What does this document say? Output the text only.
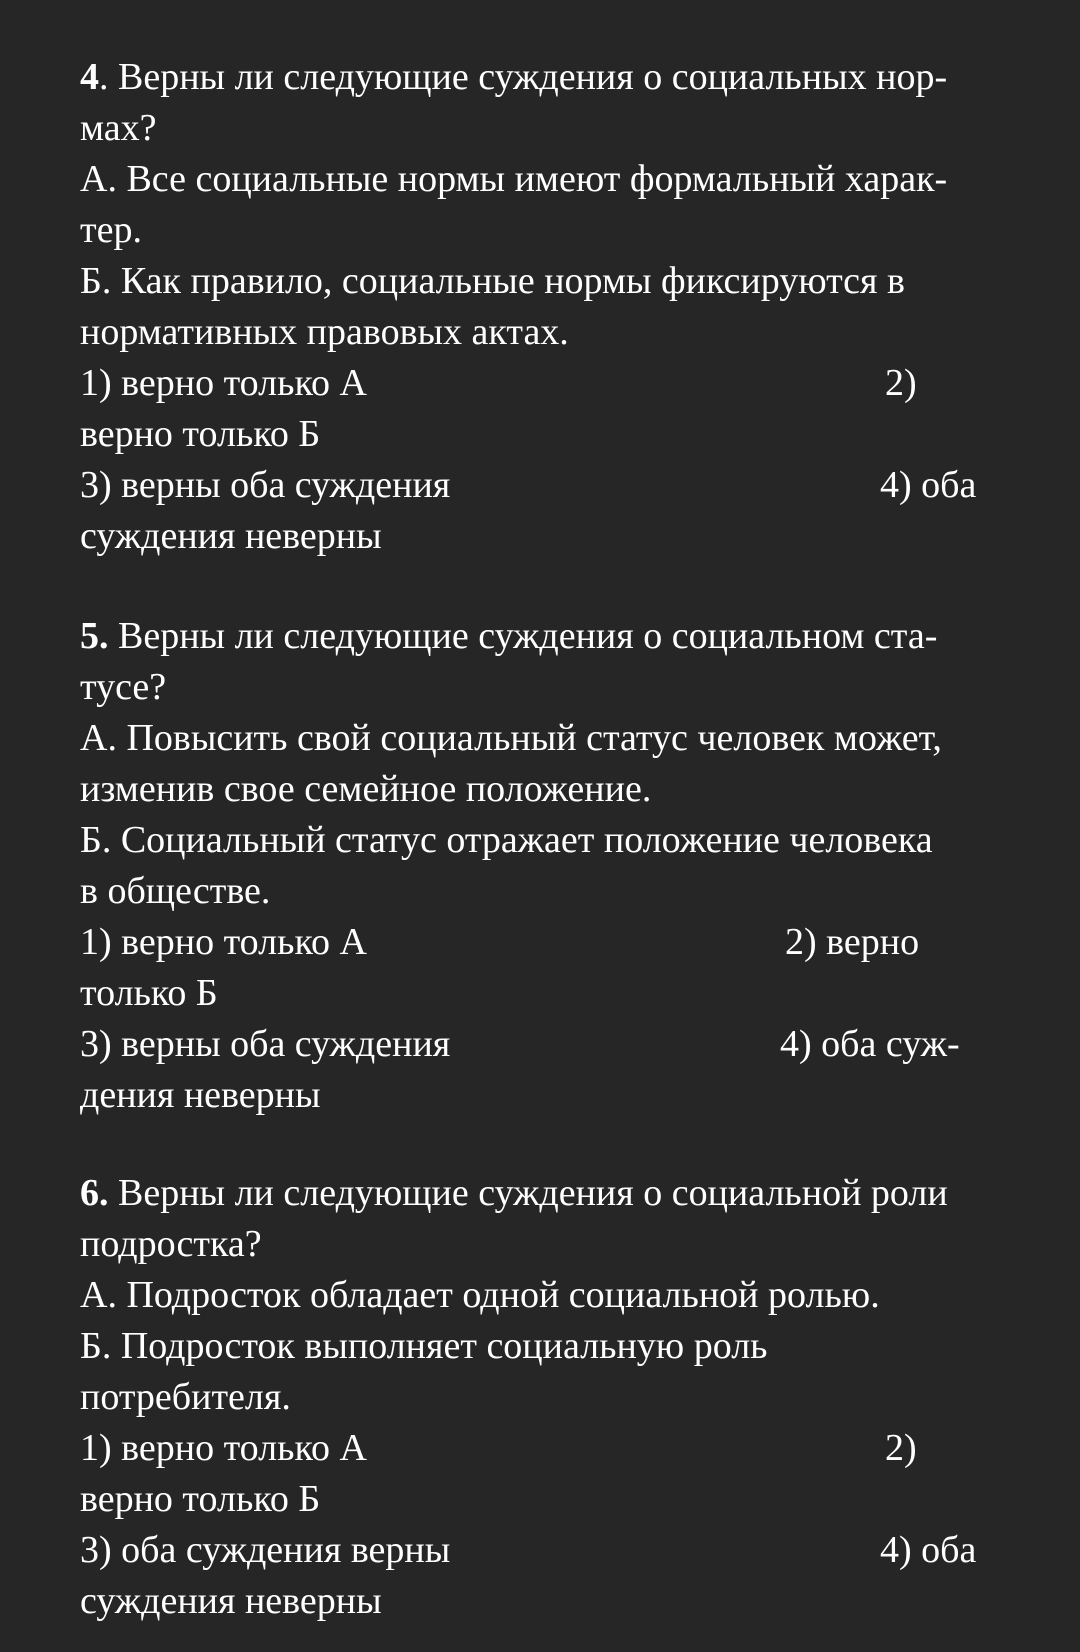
4. Верны ли следующие суждения о социальных нор-
мах?
А. Все социальные нормы имеют формальный харак-
тер.
Б. Как правило, социальные нормы фиксируются в
нормативных правовых актах.
1) верно только А	2)
верно только Б
3) верны оба суждения	4) оба
суждения неверны
5. Верны ли следующие суждения о социальном ста-
тусе?
А. Повысить свой социальный статус человек может,
изменив свое семейное положение.
Б. Социальный статус отражает положение человека
в обществе.
1) верно только А	2) верно
только Б
3) верны оба суждения	4) оба суж-
дения неверны
6. Верны ли следующие суждения о социальной роли
подростка?
А. Подросток обладает одной социальной ролью.
Б. Подросток выполняет социальную роль
потребителя.
1) верно только А	2)
верно только Б
3) оба суждения верны	4) оба
суждения неверны
